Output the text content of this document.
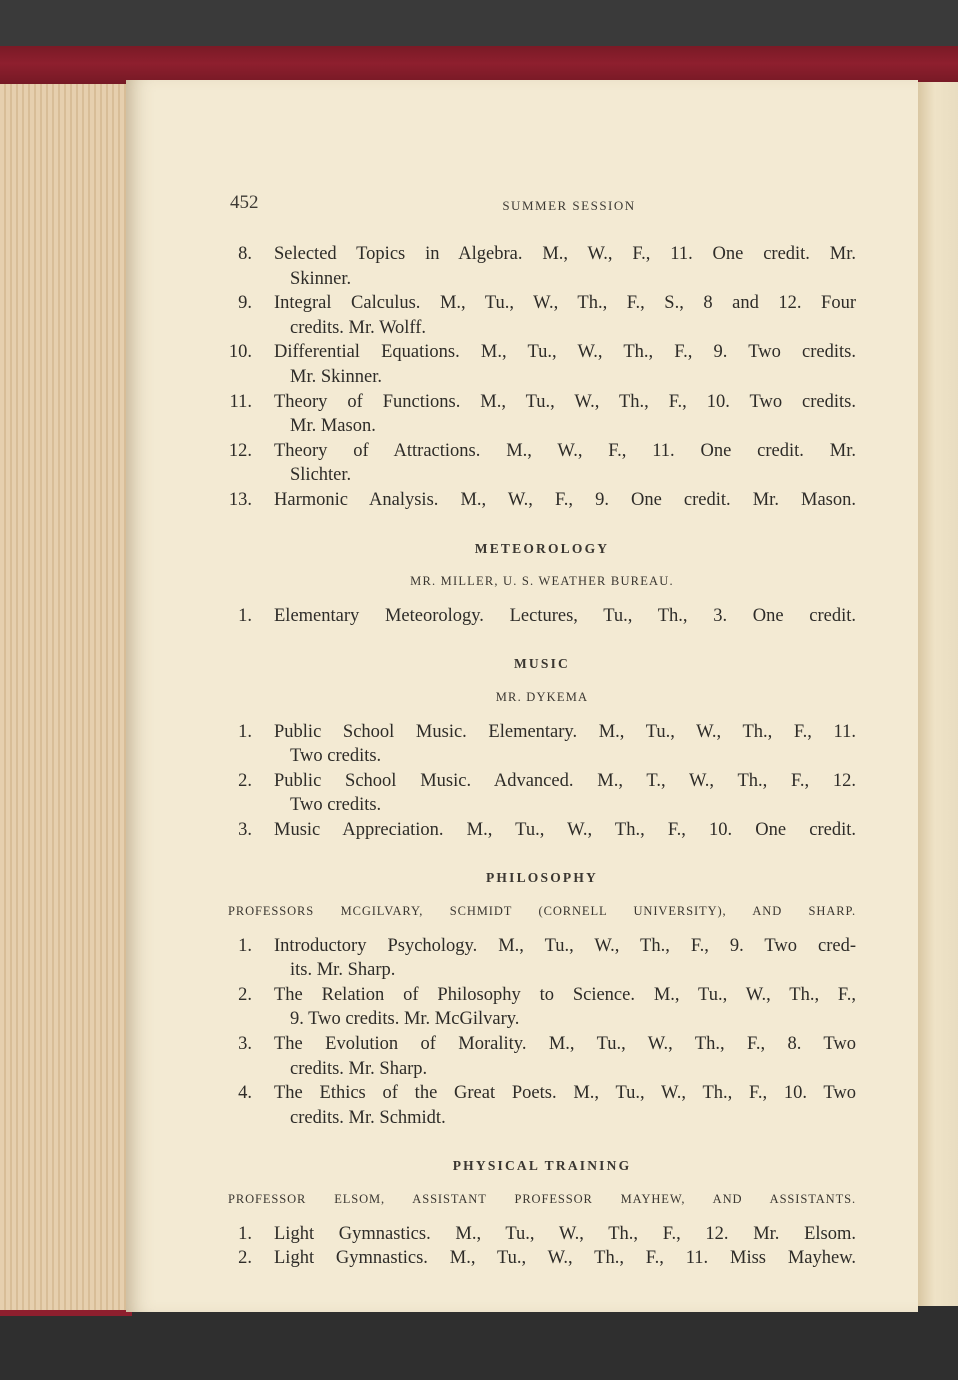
452	SUMMER SESSION
8. Selected Topics in Algebra. M., W., F., 11. One credit. Mr.
Skinner.
9. Integral Calculus. M., Tu., W., Th., F., S., 8 and 12. Four
credits. Mr. Wolff.
10. Differential Equations. M., Tu., W., Th., F., 9. Two credits.
Mr. Skinner.
11. Theory of Functions. M., Tu., W., Th., F., 10. Two credits.
Mr. Mason.
12. Theory of Attractions. M., W., F., 11. One credit. Mr.
Slichter.
13. Harmonic Analysis. M., W., F., 9. One credit. Mr. Mason.
METEOROLOGY
MR. MILLER, U. S. WEATHER BUREAU.
1. Elementary Meteorology. Lectures, Tu., Th., 3. One credit.
MUSIC
MR. DYKEMA
1. Public School Music. Elementary. M., Tu., W., Th., F., 11.
Two credits.
2. Public School Music. Advanced. M., T., W., Th., F., 12.
Two credits.
3. Music Appreciation. M., Tu., W., Th., F., 10. One credit.
PHILOSOPHY
PROFESSORS MCGILVARY, SCHMIDT (CORNELL UNIVERSITY), AND SHARP.
1. Introductory Psychology. M., Tu., W., Th., F., 9. Two cred-
its. Mr. Sharp.
2. The Relation of Philosophy to Science. M., Tu., W., Th., F.,
9. Two credits. Mr. McGilvary.
3. The Evolution of Morality. M., Tu., W., Th., F., 8. Two
credits. Mr. Sharp.
4. The Ethics of the Great Poets. M., Tu., W., Th., F., 10. Two
credits. Mr. Schmidt.
PHYSICAL TRAINING
PROFESSOR ELSOM, ASSISTANT PROFESSOR MAYHEW, AND ASSISTANTS.
1. Light Gymnastics. M., Tu., W., Th., F., 12. Mr. Elsom.
2. Light Gymnastics. M., Tu., W., Th., F., 11. Miss Mayhew.
